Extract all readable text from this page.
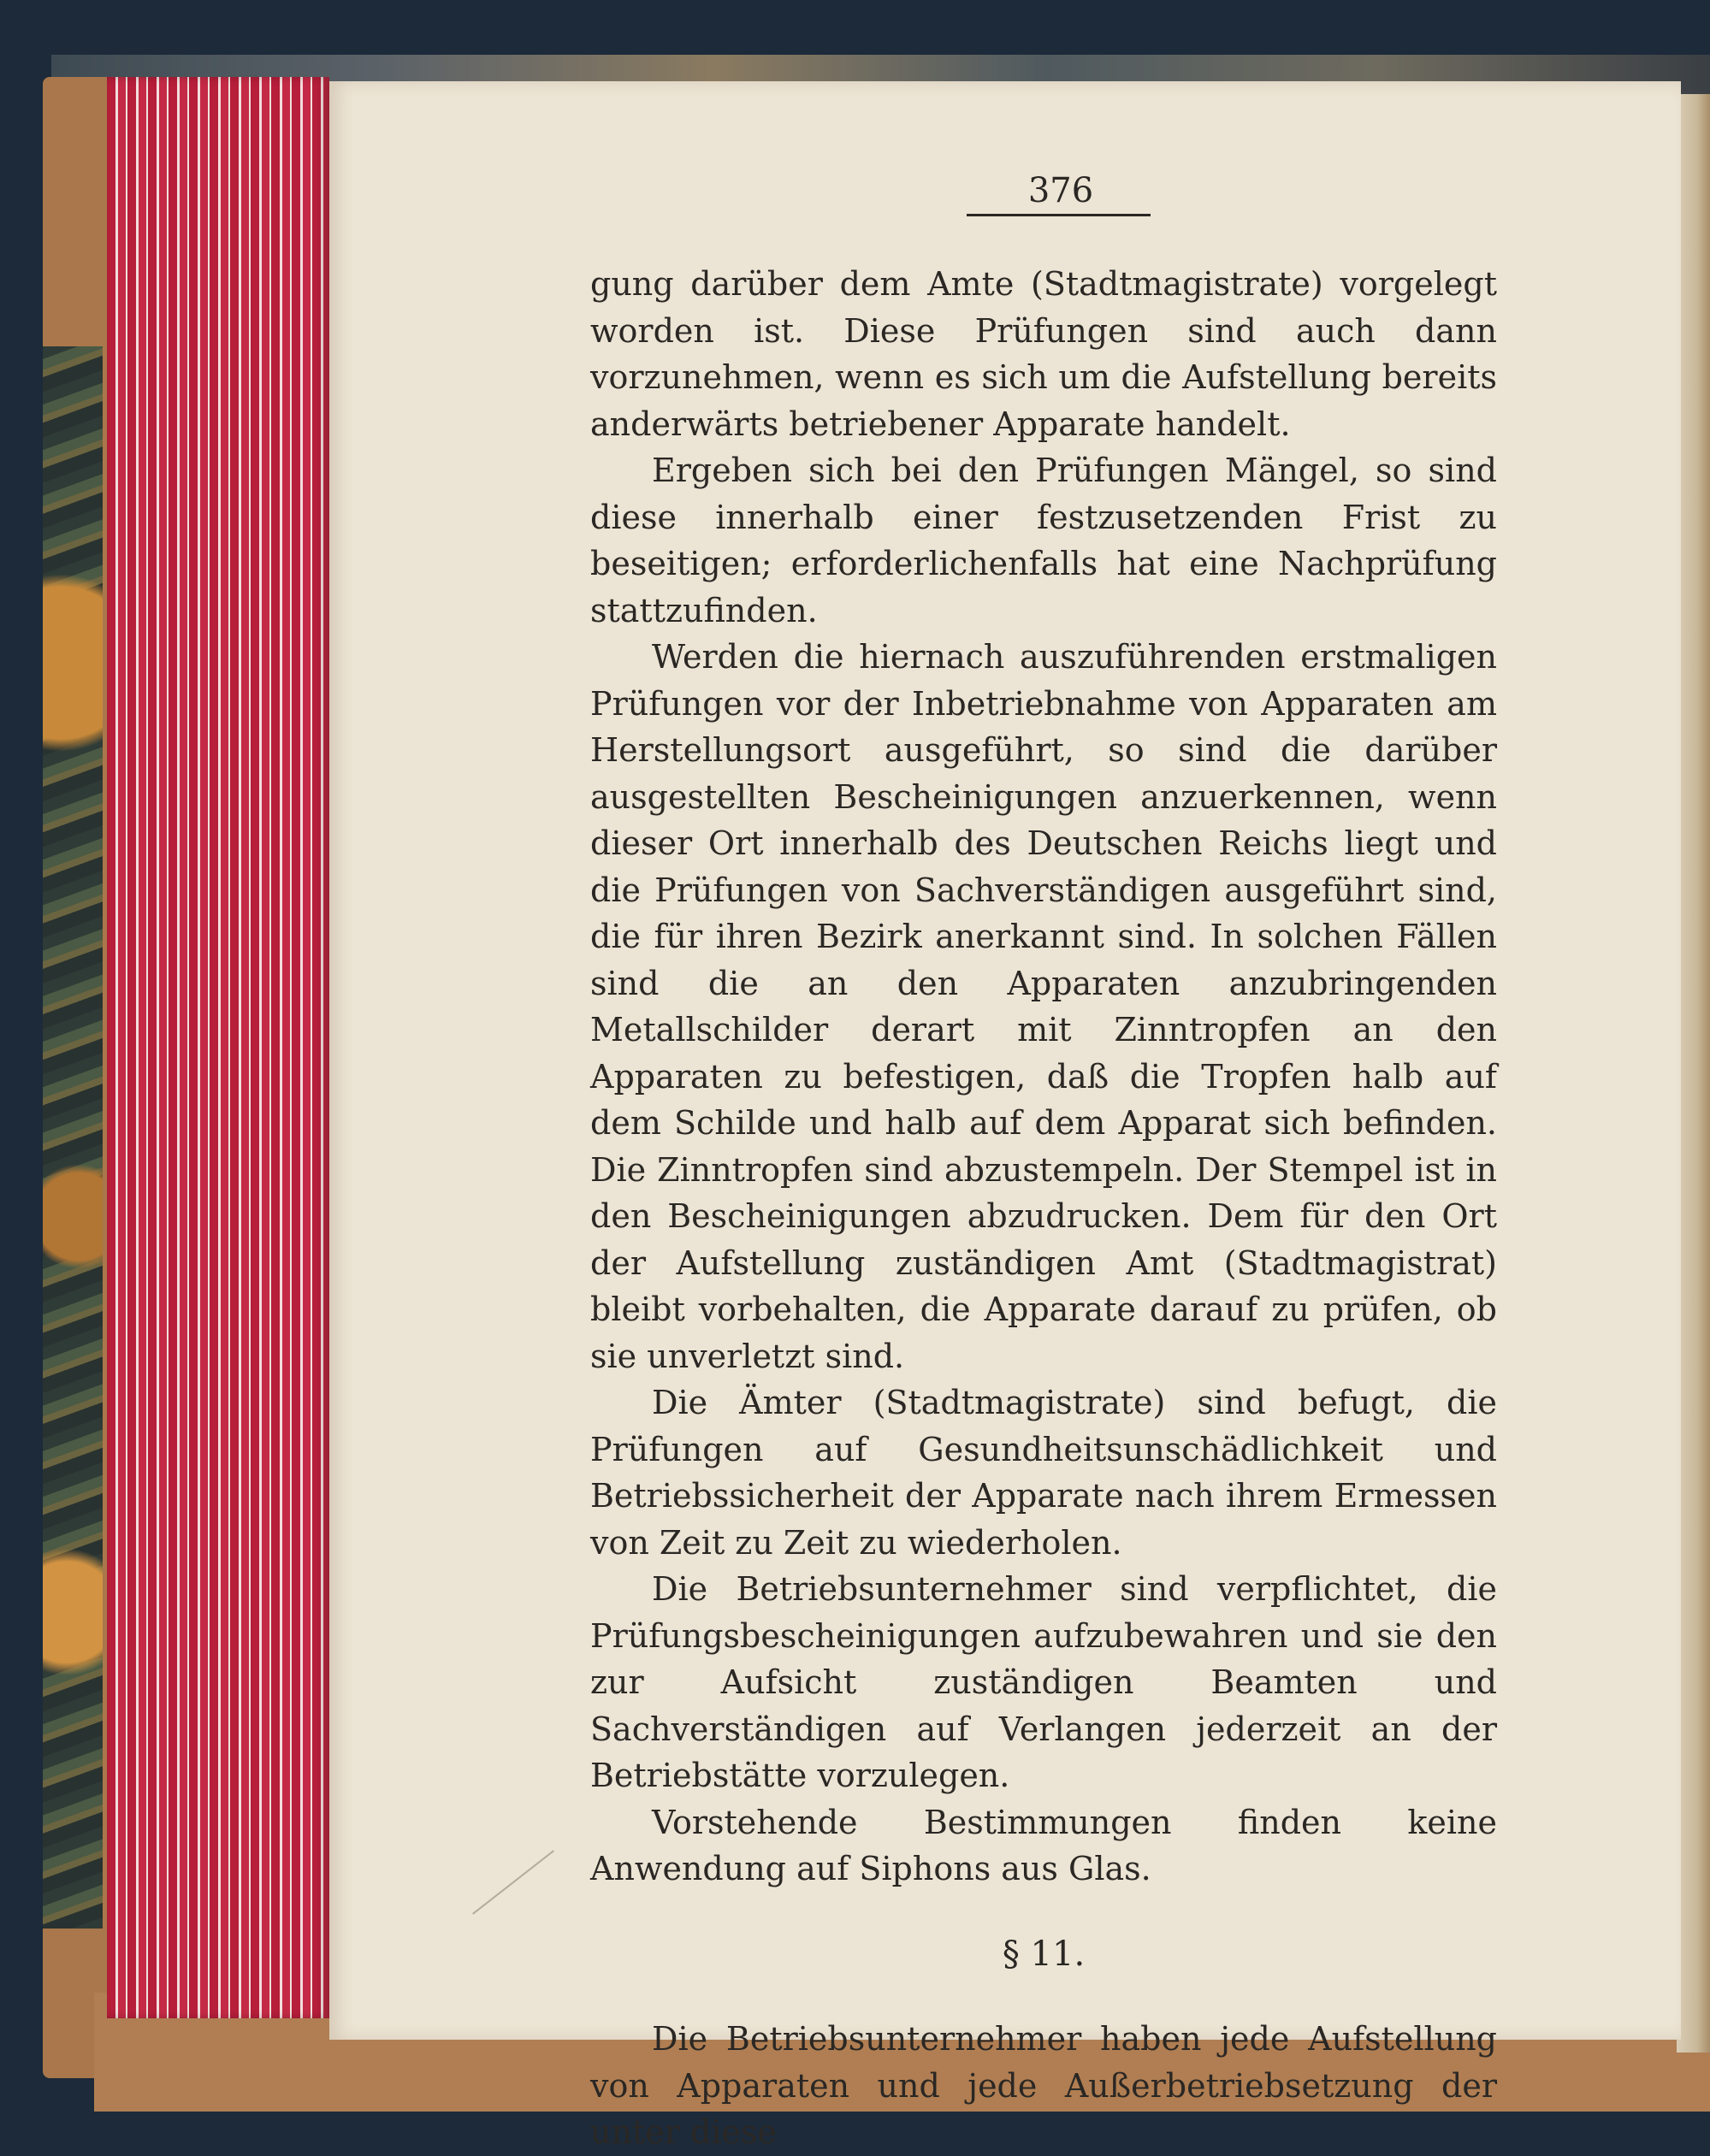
376

gung darüber dem Amte (Stadtmagistrate) vorgelegt worden ist. Diese Prüfungen sind auch dann vorzunehmen, wenn es sich um die Aufstellung bereits anderwärts betriebener Apparate handelt.

Ergeben sich bei den Prüfungen Mängel, so sind diese innerhalb einer festzusetzenden Frist zu beseitigen; erforderlichenfalls hat eine Nachprüfung stattzufinden.

Werden die hiernach auszuführenden erstmaligen Prüfungen vor der Inbetriebnahme von Apparaten am Herstellungsort ausgeführt, so sind die darüber ausgestellten Bescheinigungen anzuerkennen, wenn dieser Ort innerhalb des Deutschen Reichs liegt und die Prüfungen von Sachverständigen ausgeführt sind, die für ihren Bezirk anerkannt sind. In solchen Fällen sind die an den Apparaten anzubringenden Metallschilder derart mit Zinntropfen an den Apparaten zu befestigen, daß die Tropfen halb auf dem Schilde und halb auf dem Apparat sich befinden. Die Zinntropfen sind abzustempeln. Der Stempel ist in den Bescheinigungen abzudrucken. Dem für den Ort der Aufstellung zuständigen Amt (Stadtmagistrat) bleibt vorbehalten, die Apparate darauf zu prüfen, ob sie unverletzt sind.

Die Ämter (Stadtmagistrate) sind befugt, die Prüfungen auf Gesundheitsunschädlichkeit und Betriebssicherheit der Apparate nach ihrem Ermessen von Zeit zu Zeit zu wiederholen.

Die Betriebsunternehmer sind verpflichtet, die Prüfungsbescheinigungen aufzubewahren und sie den zur Aufsicht zuständigen Beamten und Sachverständigen auf Verlangen jederzeit an der Betriebstätte vorzulegen.

Vorstehende Bestimmungen finden keine Anwendung auf Siphons aus Glas.

§ 11.

Die Betriebsunternehmer haben jede Aufstellung von Apparaten und jede Außerbetriebsetzung der unter diese
